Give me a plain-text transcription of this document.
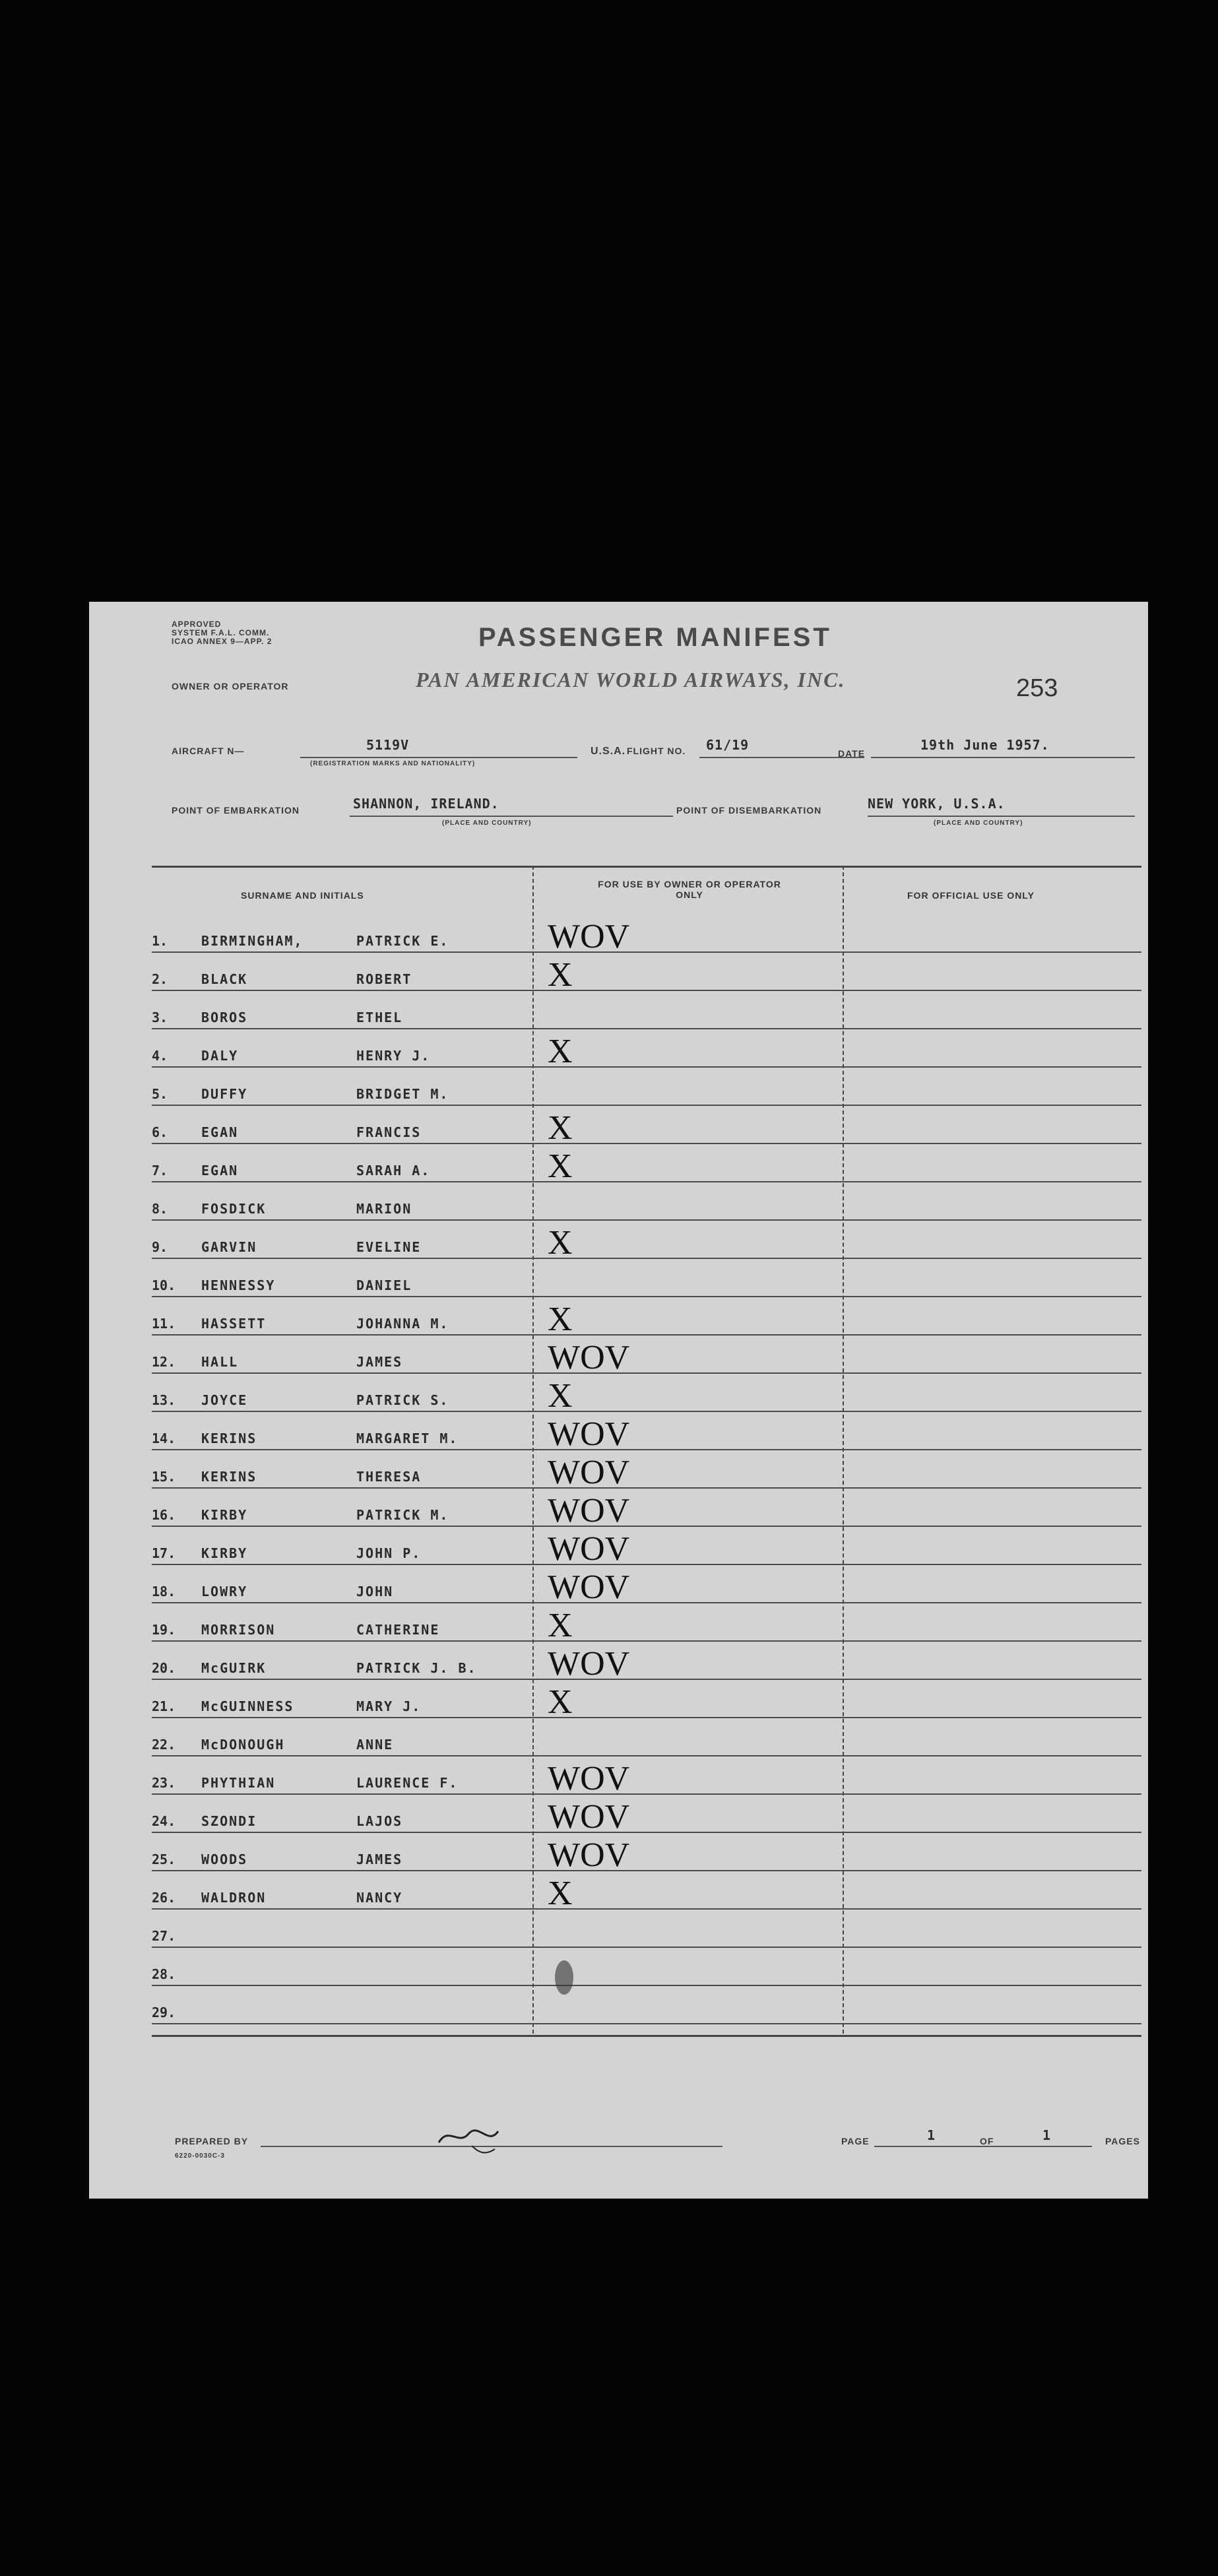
APPROVED
SYSTEM F.A.L. COMM.
ICAO ANNEX 9—APP. 2	PASSENGER MANIFEST
OWNER OR OPERATOR	PAN AMERICAN WORLD AIRWAYS, INC.	253
AIRCRAFT N—	5119V
(REGISTRATION MARKS AND NATIONALITY)
U.S.A. FLIGHT NO. 61/19
DATE
19th June 1957.
POINT OF EMBARKATION	SHANNON, IRELAND.
(PLACE AND COUNTRY)
POINT OF DISEMBARKATION	NEW YORK, U.S.A.
(PLACE AND COUNTRY)
SURNAME AND INITIALS
FOR USE BY OWNER OR OPERATOR ONLY	FOR OFFICIAL USE ONLY
1.	BIRMINGHAM,	PATRICK E.	WOV
2.	BLACK	ROBERT	X
3.	BOROS	ETHEL
4.	DALY	HENRY J.	X
5.	DUFFY	BRIDGET M.
6.	EGAN	FRANCIS	X
7.	EGAN	SARAH A.	X
8.	FOSDICK	MARION
9.	GARVIN	EVELINE	X
10.	HENNESSY	DANIEL
11.	HASSETT	JOHANNA M.	X
12.	HALL	JAMES	WOV
13.	JOYCE	PATRICK S.	X
14.	KERINS	MARGARET M.	WOV
15.	KERINS	THERESA	WOV
16.	KIRBY	PATRICK M.	WOV
17.	KIRBY	JOHN P.	WOV
18.	LOWRY	JOHN	WOV
19.	MORRISON	CATHERINE	X
20.	McGUIRK	PATRICK J. B. WOV
21.	McGUINNESS	MARY J.	X
22.	McDONOUGH	ANNE
23.	PHYTHIAN	LAURENCE F.	WOV
24.	SZONDI	LAJOS	WOV
25.	WOODS	JAMES	WOV
26.	WALDRON	NANCY	X
27.
28.
29.
PREPARED BY
6220-0030C-3
PAGE	1	OF	1	PAGES
